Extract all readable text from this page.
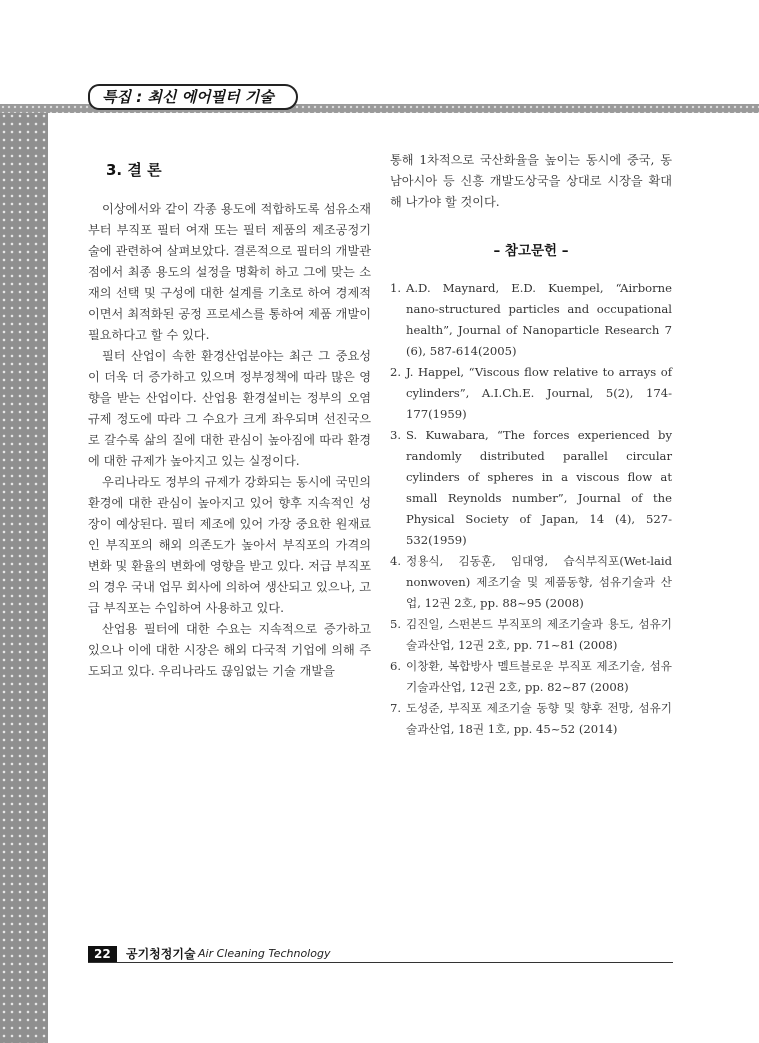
특집 : 최신 에어필터 기술
3. 결 론

이상에서와 같이 각종 용도에 적합하도록 섬유소재부터 부직포 필터 여재 또는 필터 제품의 제조공정기술에 관련하여 살펴보았다. 결론적으로 필터의 개발관점에서 최종 용도의 설정을 명확히 하고 그에 맞는 소재의 선택 및 구성에 대한 설계를 기초로 하여 경제적이면서 최적화된 공정 프로세스를 통하여 제품 개발이 필요하다고 할 수 있다.

필터 산업이 속한 환경산업분야는 최근 그 중요성이 더욱 더 증가하고 있으며 정부정책에 따라 많은 영향을 받는 산업이다. 산업용 환경설비는 정부의 오염 규제 정도에 따라 그 수요가 크게 좌우되며 선진국으로 갈수록 삶의 질에 대한 관심이 높아짐에 따라 환경에 대한 규제가 높아지고 있는 실정이다.

우리나라도 정부의 규제가 강화되는 동시에 국민의 환경에 대한 관심이 높아지고 있어 향후 지속적인 성장이 예상된다. 필터 제조에 있어 가장 중요한 원재료인 부직포의 해외 의존도가 높아서 부직포의 가격의 변화 및 환율의 변화에 영향을 받고 있다. 저급 부직포의 경우 국내 업무 회사에 의하여 생산되고 있으나, 고급 부직포는 수입하여 사용하고 있다.

산업용 필터에 대한 수요는 지속적으로 증가하고 있으나 이에 대한 시장은 해외 다국적 기업에 의해 주도되고 있다. 우리나라도 끊임없는 기술 개발을

통해 1차적으로 국산화율을 높이는 동시에 중국, 동남아시아 등 신흥 개발도상국을 상대로 시장을 확대해 나가야 할 것이다.
– 참고문헌 –
1. A.D. Maynard, E.D. Kuempel, “Airborne nano-structured particles and occupational health”, Journal of Nanoparticle Research 7 (6), 587-614(2005)
2. J. Happel, “Viscous flow relative to arrays of cylinders”, A.I.Ch.E. Journal, 5(2), 174-177(1959)
3. S. Kuwabara, “The forces experienced by randomly distributed parallel circular cylinders of spheres in a viscous flow at small Reynolds number”, Journal of the Physical Society of Japan, 14 (4), 527-532(1959)
4. 정용식, 김동훈, 임대영, 습식부직포(Wet-laid nonwoven) 제조기술 및 제품동향, 섬유기술과 산업, 12권 2호, pp. 88~95 (2008)
5. 김진일, 스펀본드 부직포의 제조기술과 용도, 섬유기술과산업, 12권 2호, pp. 71~81 (2008)
6. 이창환, 복합방사 멜트블로운 부직포 제조기술, 섬유기술과산업, 12권 2호, pp. 82~87 (2008)
7. 도성준, 부직포 제조기술 동향 및 향후 전망, 섬유기술과산업, 18권 1호, pp. 45~52 (2014)
22	공기청정기술 Air Cleaning Technology
